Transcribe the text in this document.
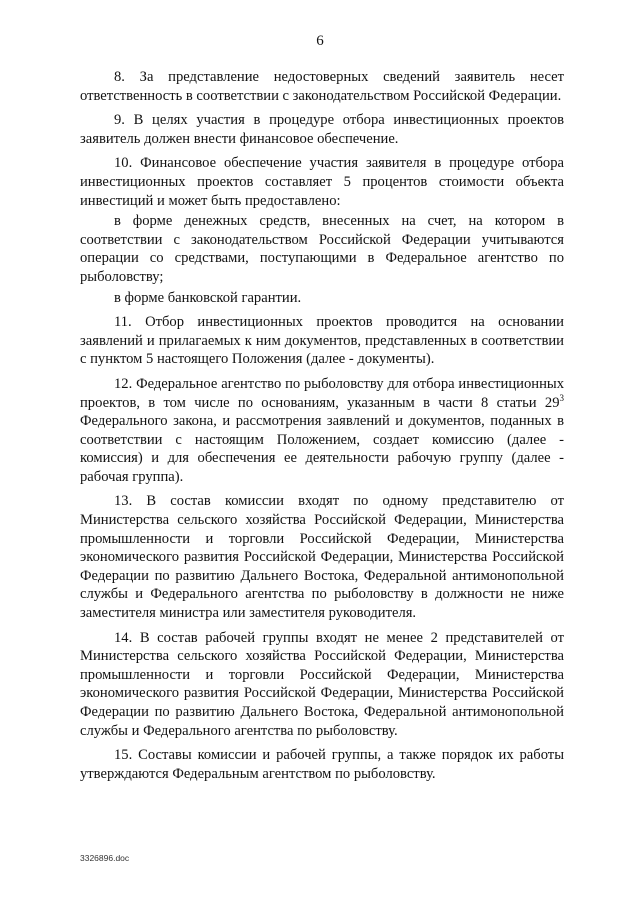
6

8. За представление недостоверных сведений заявитель несет ответственность в соответствии с законодательством Российской Федерации.

9. В целях участия в процедуре отбора инвестиционных проектов заявитель должен внести финансовое обеспечение.

10. Финансовое обеспечение участия заявителя в процедуре отбора инвестиционных проектов составляет 5 процентов стоимости объекта инвестиций и может быть предоставлено:

в форме денежных средств, внесенных на счет, на котором в соответствии с законодательством Российской Федерации учитываются операции со средствами, поступающими в Федеральное агентство по рыболовству;

в форме банковской гарантии.

11. Отбор инвестиционных проектов проводится на основании заявлений и прилагаемых к ним документов, представленных в соответствии с пунктом 5 настоящего Положения (далее - документы).

12. Федеральное агентство по рыболовству для отбора инвестиционных проектов, в том числе по основаниям, указанным в части 8 статьи $29^3$ Федерального закона, и рассмотрения заявлений и документов, поданных в соответствии с настоящим Положением, создает комиссию (далее - комиссия) и для обеспечения ее деятельности рабочую группу (далее - рабочая группа).

13. В состав комиссии входят по одному представителю от Министерства сельского хозяйства Российской Федерации, Министерства промышленности и торговли Российской Федерации, Министерства экономического развития Российской Федерации, Министерства Российской Федерации по развитию Дальнего Востока, Федеральной антимонопольной службы и Федерального агентства по рыболовству в должности не ниже заместителя министра или заместителя руководителя.

14. В состав рабочей группы входят не менее 2 представителей от Министерства сельского хозяйства Российской Федерации, Министерства промышленности и торговли Российской Федерации, Министерства экономического развития Российской Федерации, Министерства Российской Федерации по развитию Дальнего Востока, Федеральной антимонопольной службы и Федерального агентства по рыболовству.

15. Составы комиссии и рабочей группы, а также порядок их работы утверждаются Федеральным агентством по рыболовству.

3326896.doc
